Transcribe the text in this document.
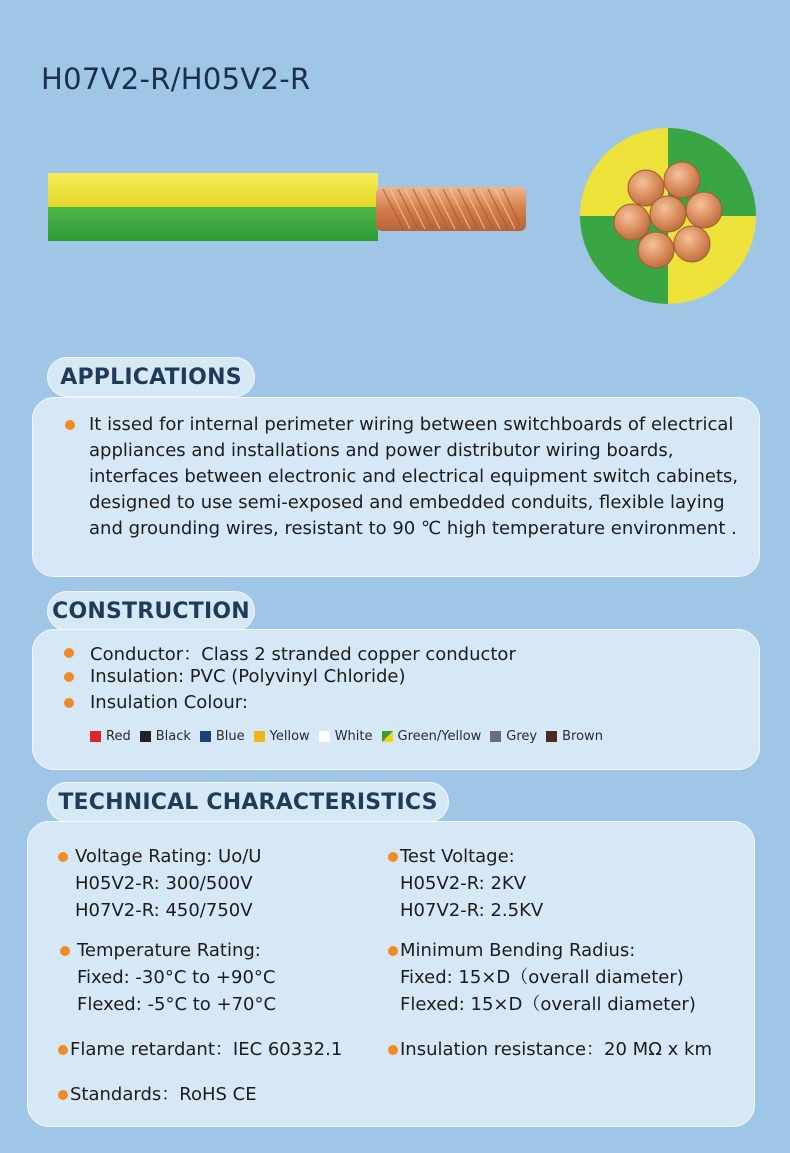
H07V2-R/H05V2-R
APPLICATIONS
It issed for internal perimeter wiring between switchboards of electrical appliances and installations and power distributor wiring boards, interfaces between electronic and electrical equipment switch cabinets, designed to use semi-exposed and embedded conduits, flexible laying and grounding wires, resistant to 90 ℃ high temperature environment .
CONSTRUCTION
Conductor：Class 2 stranded copper conductor
Insulation: PVC (Polyvinyl Chloride)
Insulation Colour:
Red Black Blue Yellow White Green/Yellow Grey Brown
TECHNICAL CHARACTERISTICS
Voltage Rating: Uo/U
H05V2-R: 300/500V
H07V2-R: 450/750V
Test Voltage:
H05V2-R: 2KV
H07V2-R: 2.5KV
Temperature Rating:
Fixed: -30°C to +90°C
Flexed: -5°C to +70°C
Minimum Bending Radius:
Fixed: 15×D（overall diameter)
Flexed: 15×D（overall diameter)
Flame retardant：IEC 60332.1	Insulation resistance：20 MΩ x km
Standards：RoHS CE
